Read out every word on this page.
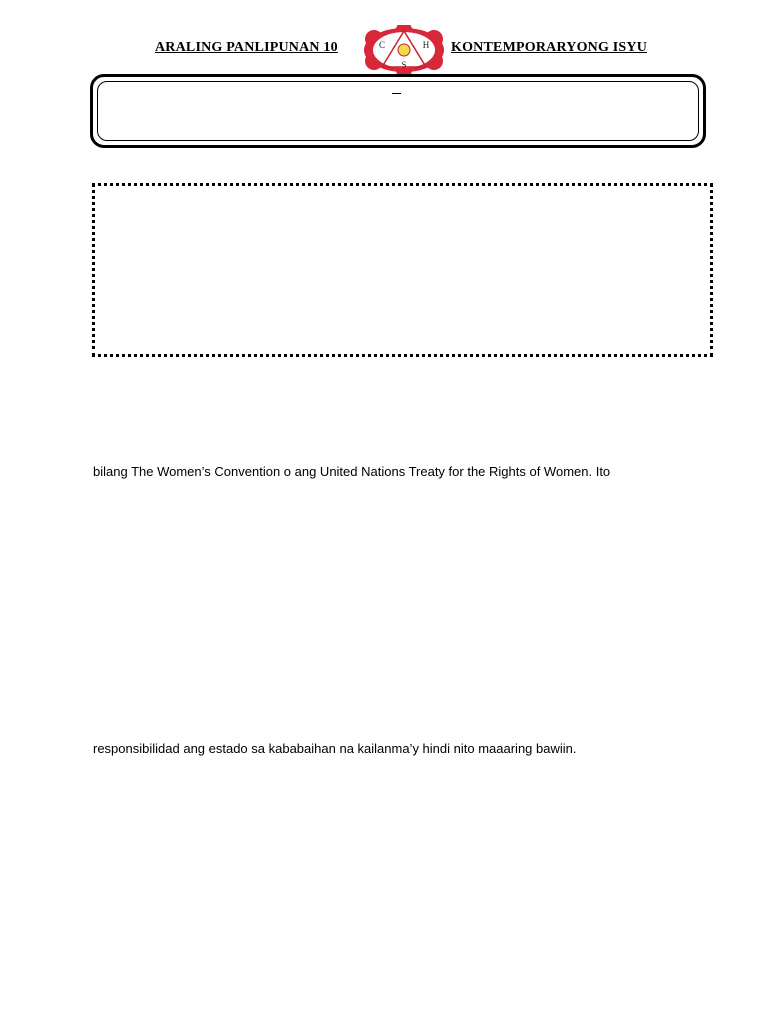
ARALING PANLIPUNAN 10	C	H
S
KONTEMPORARYONG ISYU
bilang The Women’s Convention o ang United Nations Treaty for the Rights of Women. Ito
responsibilidad ang estado sa kababaihan na kailanma’y hindi nito maaaring bawiin.
